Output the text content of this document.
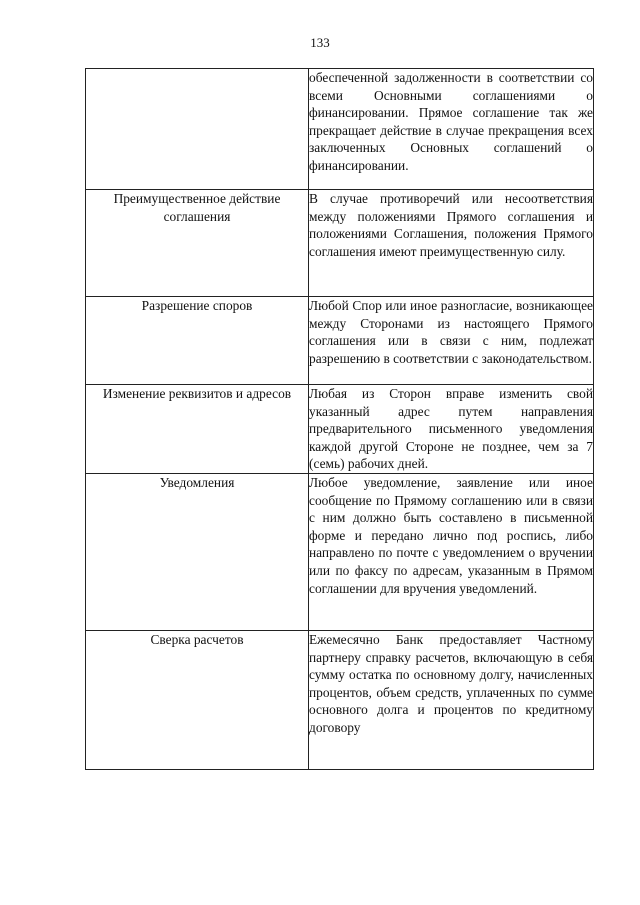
133

	обеспеченной задолженности в соответствии со всеми Основными соглашениями о финансировании. Прямое соглашение так же прекращает действие в случае прекращения всех заключенных Основных соглашений о финансировании.

Преимущественное действие соглашения	В случае противоречий или несоответствия между положениями Прямого соглашения и положениями Соглашения, положения Прямого соглашения имеют преимущественную силу.

Разрешение споров	Любой Спор или иное разногласие, возникающее между Сторонами из настоящего Прямого соглашения или в связи с ним, подлежат разрешению в соответствии с законодательством.

Изменение реквизитов и адресов	Любая из Сторон вправе изменить свой указанный адрес путем направления предварительного письменного уведомления каждой другой Стороне не позднее, чем за 7 (семь) рабочих дней.

Уведомления	Любое уведомление, заявление или иное сообщение по Прямому соглашению или в связи с ним должно быть составлено в письменной форме и передано лично под роспись, либо направлено по почте с уведомлением о вручении или по факсу по адресам, указанным в Прямом соглашении для вручения уведомлений.

Сверка расчетов	Ежемесячно Банк предоставляет Частному партнеру справку расчетов, включающую в себя сумму остатка по основному долгу, начисленных процентов, объем средств, уплаченных по сумме основного долга и процентов по кредитному договору
